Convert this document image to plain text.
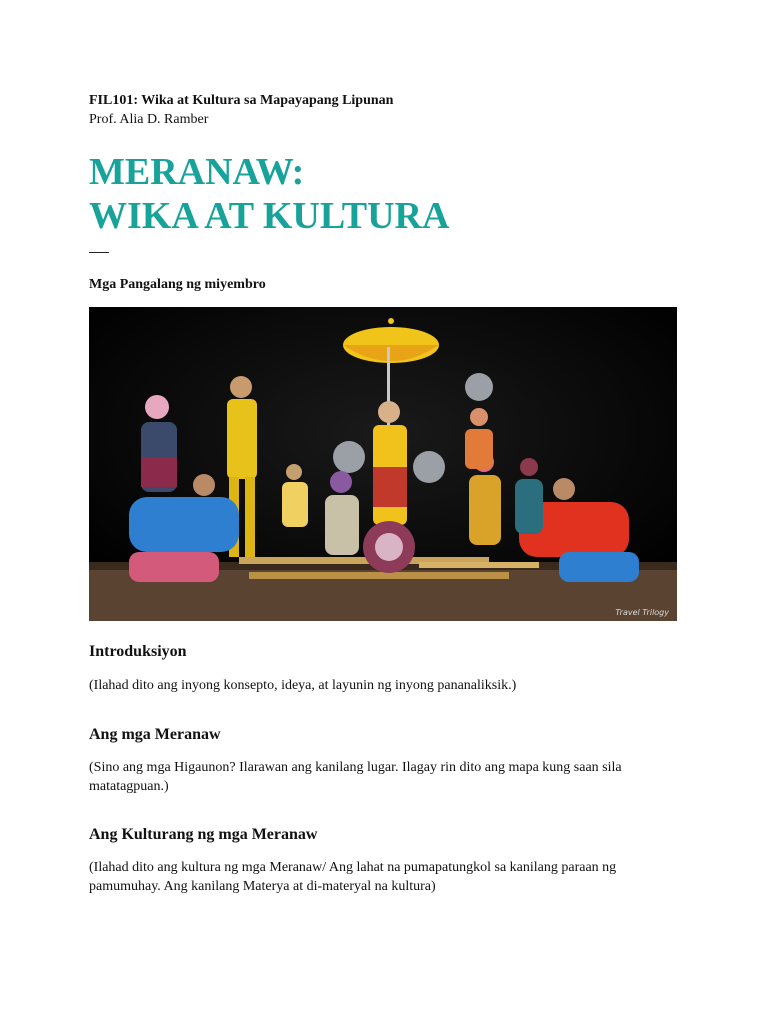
FIL101: Wika at Kultura sa Mapayapang Lipunan
Prof. Alia D. Ramber
MERANAW:
WIKA AT KULTURA
Mga Pangalang ng miyembro
Travel Trilogy
Introduksiyon
(Ilahad dito ang inyong konsepto, ideya, at layunin ng inyong pananaliksik.)
Ang mga Meranaw
(Sino ang mga Higaunon? Ilarawan ang kanilang lugar. Ilagay rin dito ang mapa kung saan sila matatagpuan.)
Ang Kulturang ng mga Meranaw
(Ilahad dito ang kultura ng mga Meranaw/ Ang lahat na pumapatungkol sa kanilang paraan ng pamumuhay. Ang kanilang Materya at di-materyal na kultura)
